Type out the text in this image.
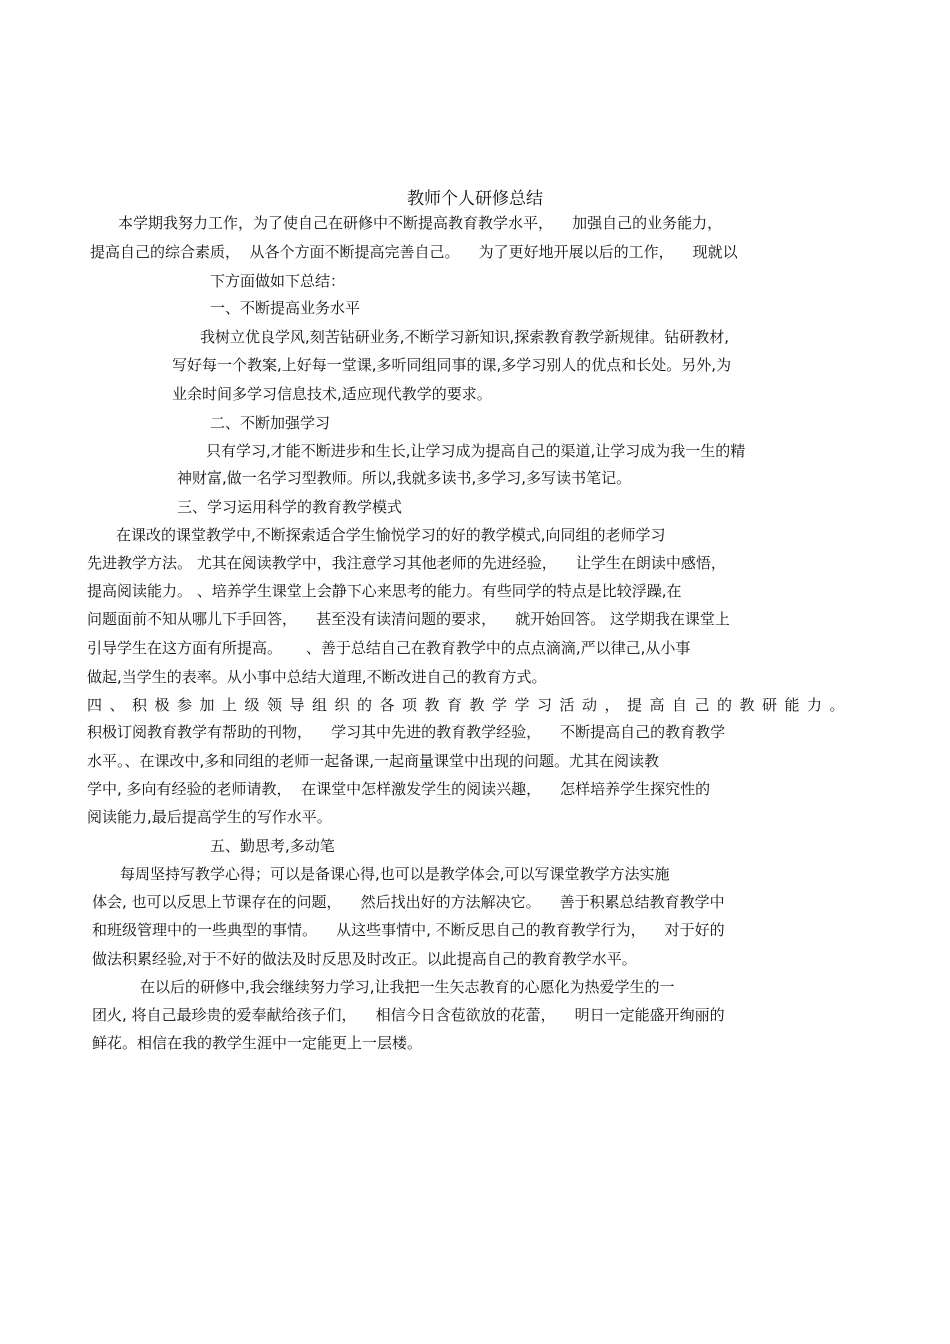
教师个人研修总结
本学期我努力工作，为了使自己在研修中不断提高教育教学水平，    加强自己的业务能力，
提高自己的综合素质，  从各个方面不断提高完善自己。    为了更好地开展以后的工作，    现就以
下方面做如下总结：
一、不断提高业务水平
我树立优良学风,刻苦钻研业务,不断学习新知识,探索教育教学新规律。钻研教材,
写好每一个教案,上好每一堂课,多听同组同事的课,多学习别人的优点和长处。另外,为
业余时间多学习信息技术,适应现代教学的要求。
二、不断加强学习
只有学习,才能不断进步和生长,让学习成为提高自己的渠道,让学习成为我一生的精
神财富,做一名学习型教师。所以,我就多读书,多学习,多写读书笔记。
三、学习运用科学的教育教学模式
在课改的课堂教学中,不断探索适合学生愉悦学习的好的教学模式,向同组的老师学习
先进教学方法。 尤其在阅读教学中，我注意学习其他老师的先进经验，    让学生在朗读中感悟，
提高阅读能力。 、培养学生课堂上会静下心来思考的能力。有些同学的特点是比较浮躁,在
问题面前不知从哪儿下手回答，    甚至没有读清问题的要求，    就开始回答。 这学期我在课堂上
引导学生在这方面有所提高。     、善于总结自己在教育教学中的点点滴滴,严以律己,从小事
做起,当学生的表率。从小事中总结大道理,不断改进自己的教育方式。
四、积极参加上级领导组织的各项教育教学学习活动，提高自己的教研能力。
积极订阅教育教学有帮助的刊物，    学习其中先进的教育教学经验，    不断提高自己的教育教学
水平。、在课改中,多和同组的老师一起备课,一起商量课堂中出现的问题。尤其在阅读教
学中, 多向有经验的老师请教，  在课堂中怎样激发学生的阅读兴趣，    怎样培养学生探究性的
阅读能力,最后提高学生的写作水平。
五、勤思考,多动笔
每周坚持写教学心得；可以是备课心得,也可以是教学体会,可以写课堂教学方法实施
体会, 也可以反思上节课存在的问题，    然后找出好的方法解决它。    善于积累总结教育教学中
和班级管理中的一些典型的事情。    从这些事情中, 不断反思自己的教育教学行为，    对于好的
做法积累经验,对于不好的做法及时反思及时改正。以此提高自己的教育教学水平。
在以后的研修中,我会继续努力学习,让我把一生矢志教育的心愿化为热爱学生的一
团火, 将自己最珍贵的爱奉献给孩子们，    相信今日含苞欲放的花蕾，    明日一定能盛开绚丽的
鲜花。相信在我的教学生涯中一定能更上一层楼。
